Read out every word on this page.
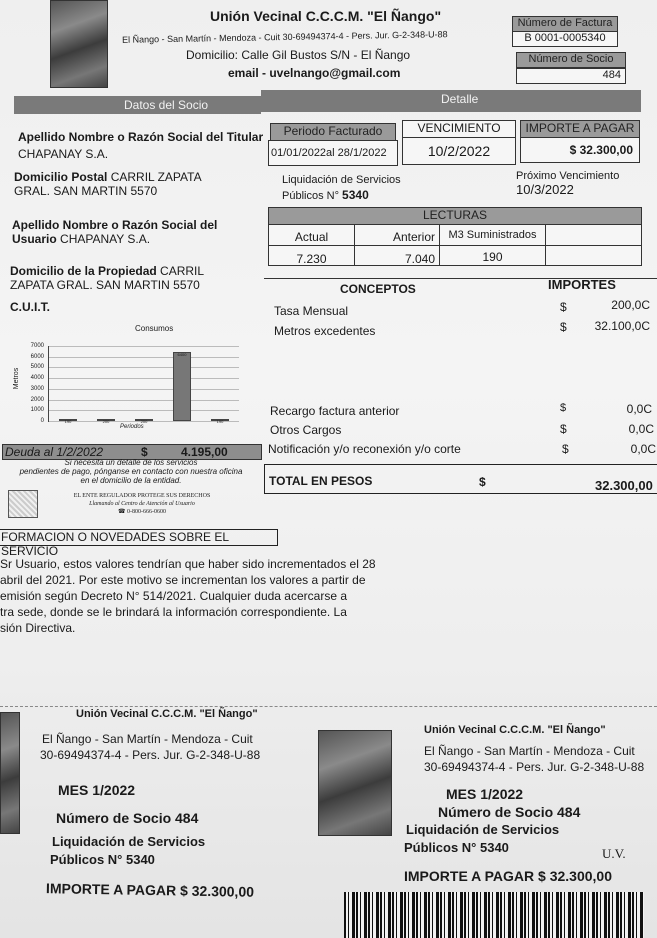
Unión Vecinal C.C.C.M. "El Ñango"
El Ñango - San Martín - Mendoza - Cuit 30-69494374-4 - Pers. Jur. G-2-348-U-88
Domicilio: Calle Gil Bustos S/N - El Ñango
email - uvelnango@gmail.com
Número de Factura
B 0001-0005340
Número de Socio
484
Datos del Socio	Detalle
Apellido Nombre o Razón Social del Titular
CHAPANAY S.A.
Domicilio Postal CARRIL ZAPATA
GRAL. SAN MARTIN 5570
Apellido Nombre o Razón Social del
Usuario CHAPANAY S.A.
Domicilio de la Propiedad CARRIL
ZAPATA GRAL. SAN MARTIN 5570
C.U.I.T.
Consumos
Metros
7000
6000
5000
4000
3000
2000
1000
0	190	200	200
6400
190
Periodos
Deuda al 1/2/2022	$	4.195,00
Si necesita un detalle de los servicios
pendientes de pago, pónganse en contacto con nuestra oficina
en el domicilio de la entidad.
EL ENTE REGULADOR PROTEGE SUS DERECHOS
Llamando al Centro de Atención al Usuario
☎ 0-800-666-0600
FORMACION O NOVEDADES SOBRE EL SERVICIO
Sr Usuario, estos valores tendrían que haber sido incrementados el 28
abril del 2021. Por este motivo se incrementan los valores a partir de
emisión según Decreto N° 514/2021. Cualquier duda acercarse a
tra sede, donde se le brindará la información correspondiente. La
sión Directiva.
Periodo Facturado
01/01/2022al 28/1/2022
VENCIMIENTO
10/2/2022
IMPORTE A PAGAR
$ 32.300,00
Liquidación de Servicios
Públicos N° 5340
Próximo Vencimiento
10/3/2022
LECTURAS
Actual	Anterior	M3 Suministrados
7.230	7.040	190
CONCEPTOS	IMPORTES
Tasa Mensual	$	200,0C
Metros excedentes	$	32.100,0C
Recargo factura anterior	$	0,0C
Otros Cargos	$	0,0C
Notificación y/o reconexión y/o corte	$	0,0C
TOTAL EN PESOS	$	32.300,00
Unión Vecinal C.C.C.M. "El Ñango"
El Ñango - San Martín - Mendoza - Cuit
30-69494374-4 - Pers. Jur. G-2-348-U-88
MES 1/2022
Número de Socio 484
Liquidación de Servicios
Públicos N° 5340
IMPORTE A PAGAR $ 32.300,00
Unión Vecinal C.C.C.M. "El Ñango"
El Ñango - San Martín - Mendoza - Cuit
30-69494374-4 - Pers. Jur. G-2-348-U-88
MES 1/2022
Número de Socio 484
Liquidación de Servicios
Públicos N° 5340	U.V.
IMPORTE A PAGAR $ 32.300,00
